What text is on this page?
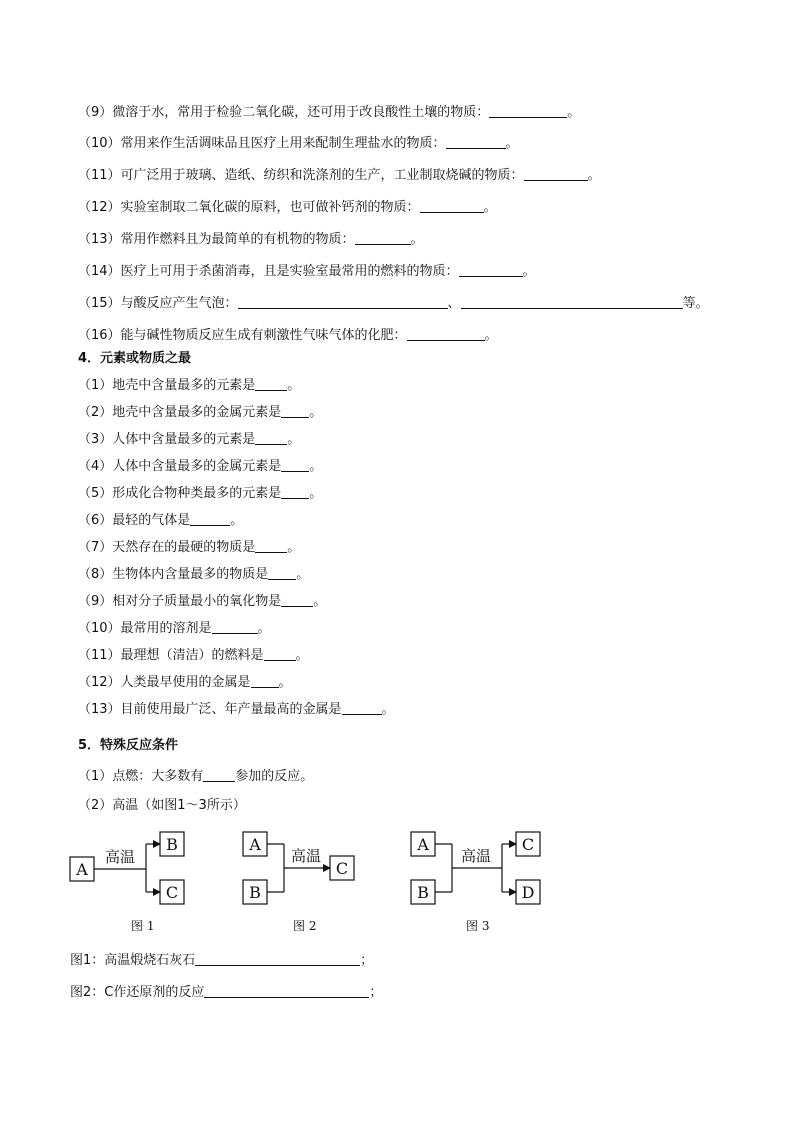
（9）微溶于水，常用于检验二氧化碳，还可用于改良酸性土壤的物质：	。
（10）常用来作生活调味品且医疗上用来配制生理盐水的物质：	。
（11）可广泛用于玻璃、造纸、纺织和洗涤剂的生产，工业制取烧碱的物质：	。
（12）实验室制取二氧化碳的原料，也可做补钙剂的物质：	。
（13）常用作燃料且为最简单的有机物的物质：	。
（14）医疗上可用于杀菌消毒，且是实验室最常用的燃料的物质：	。
（15）与酸反应产生气泡：	、	等。
（16）能与碱性物质反应生成有刺激性气味气体的化肥：	。
4．元素或物质之最
（1）地壳中含量最多的元素是 。
（2）地壳中含量最多的金属元素是 。
（3）人体中含量最多的元素是 。
（4）人体中含量最多的金属元素是 。
（5）形成化合物种类最多的元素是 。
（6）最轻的气体是	。
（7）天然存在的最硬的物质是 。
（8）生物体内含量最多的物质是 。
（9）相对分子质量最小的氧化物是 。
（10）最常用的溶剂是	。
（11）最理想（清洁）的燃料是 。
（12）人类最早使用的金属是 。
（13）目前使用最广泛、年产量最高的金属是	。
5．特殊反应条件
（1）点燃：大多数有 参加的反应。
（2）高温（如图1～3所示）
A
B
C
A
B
C
A
B
C
D
高温	高温	高温
图 1	图 2	图 3
图1：高温煅烧石灰石	；
图2：C作还原剂的反应	；
